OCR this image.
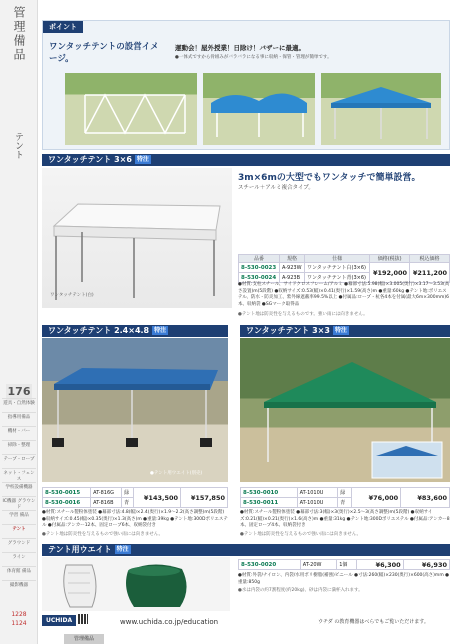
管理備品
テント
176
遊具・自然体験
指導用備品
機材・バー
掃除・整理
テープ・ロープ
ネット・フェンス
学校設備機器
IC機器 グラウンド
学習 備品
テント
グラウンド
ライン
体育館 備品
撮影機器
1228
1124
ポイント
ワンタッチテントの設営イメージ。
運動会！屋外授業！日除け！バザーに最適。
●一体式ですから骨組みがバラバラになる事に収納・保管・管理が簡単です。
ワンタッチテント 3×6 特注
ワンタッチテント(白)
3m×6mの大型でもワンタッチで簡単設営。
スチール＋アルミ複合タイプ。
品番	規格	仕様	価格(税抜)	税込価格
8-530-0023	A-923W	ワンタッチテント白(3×6)	¥192,000	¥211,200
8-530-0024	A-923B	ワンタッチテント青(3×6)		
●材質:支柱スチール、サイドクロスフレーム/アルミ ●幕部寸法:5.98(幅)×3.005(奥行)×3.17〜3.53(高さ設置)m(5段階) ●収納サイズ:0.53(幅)×0.41(奥行)×1.59(高さ)m ●重量:60kg ●テント地:ポリエステル、防水・防炎加工、紫外線遮蔽率99.5%以上 ●付属品:ロープ・杭各4本を付属(最大6m×300mm)6本、収納袋 ●SGマーク取得品
●テント地は防炎性を与えるものです。強い雨には向きません。
ワンタッチテント 2.4×4.8 特注
●テント用ウエイト(別売)
8-530-0015	AT-816G	緑	¥143,500	¥157,850
8-530-0016	AT-816B	青		
●材質:スチール製粉体塗装 ●幕部寸法:4.8(幅)×2.4(奥行)×1.9〜2.2(高さ調整)m(5段階) ●収納サイズ:0.45(幅)×0.35(奥行)×1.3(高さ)m ●重量:39kg ●テント地:300Dポリエステル ●付属品:アンカー12本、固定ロープ6本、収納袋付き
●テント地は防炎性を与えるもので強い雨には向きません。
ワンタッチテント 3×3 特注
8-530-0010	AT-1010U	緑	¥76,000	¥83,600
8-530-0011	AT-1010U	青		
●材質:スチール製粉体塗装 ●幕部寸法:3(幅)×3(奥行)×2.5〜3(高さ調整)m(5段階) ●収納サイズ:0.21(幅)×0.21(奥行)×1.6(高さ)m ●重量:31kg ●テント地:300Dポリエステル ●付属品:アンカー8本、固定ロープ4本、収納袋付き
●テント地は防炎性を与えるもので強い雨には向きません。
テント用ウエイト 特注
8-530-0020	AT-20W	1個	¥6,300	¥6,930
●材質:外袋/ナイロン、内袋/水用ポリ樹脂(補強)ビニール ●寸法:260(幅)×230(奥行)×600(高さ)mm ●重量:850g
●水は内袋の約7割程度(約20kg)、砂は内袋に満杯入れます。
UCHIDA	www.uchida.co.jp/education	ウチダ の教育機器はべらでもご覧いただけます。
管理備品
